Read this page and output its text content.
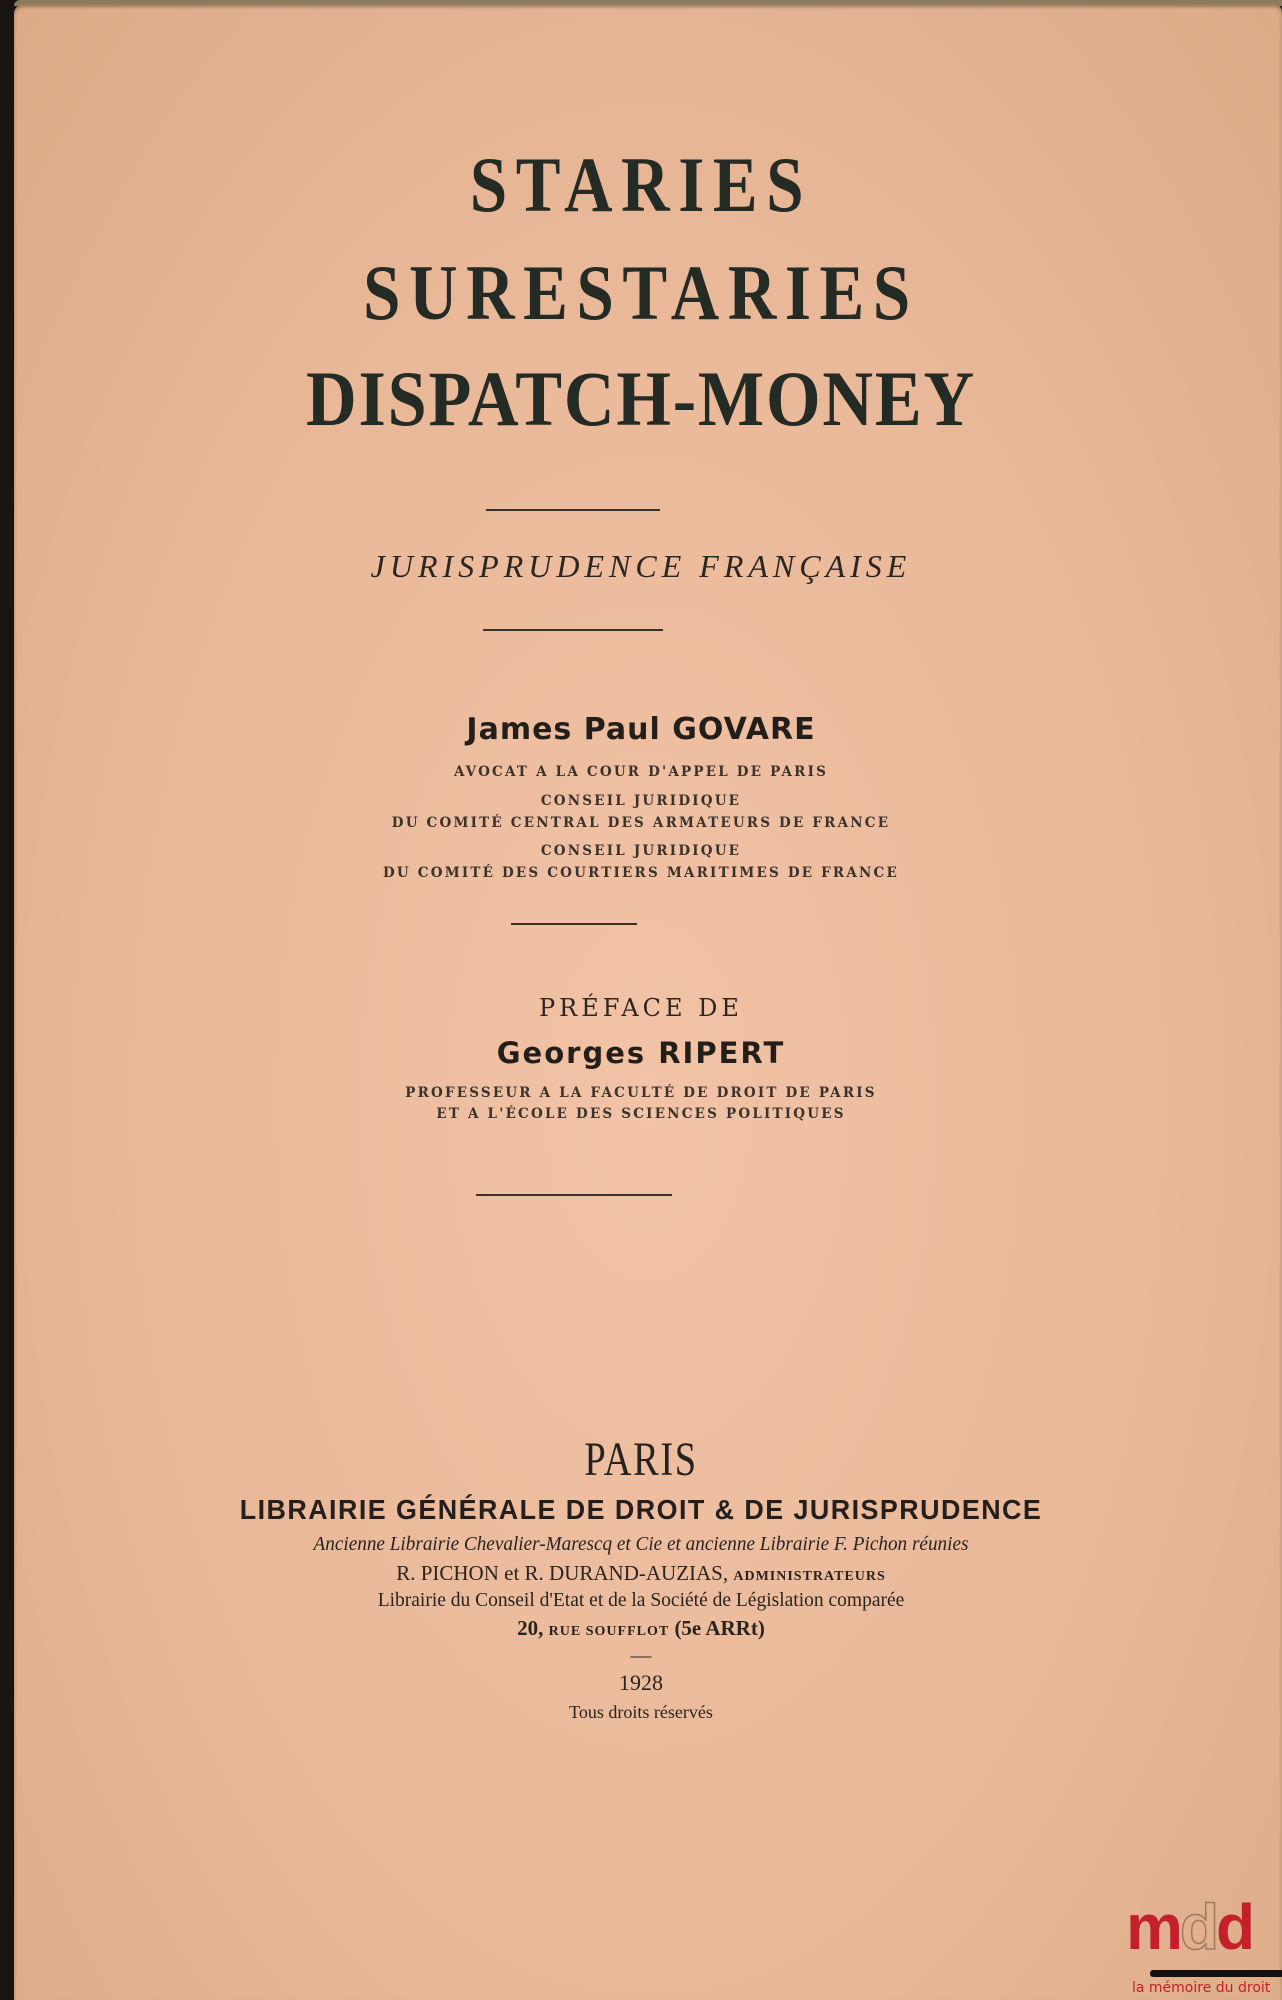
STARIES
SURESTARIES
DISPATCH-MONEY
JURISPRUDENCE FRANÇAISE
James Paul GOVARE
AVOCAT A LA COUR D'APPEL DE PARIS
CONSEIL JURIDIQUE
DU COMITÉ CENTRAL DES ARMATEURS DE FRANCE
CONSEIL JURIDIQUE
DU COMITÉ DES COURTIERS MARITIMES DE FRANCE
PRÉFACE DE
Georges RIPERT
PROFESSEUR A LA FACULTÉ DE DROIT DE PARIS
ET A L'ÉCOLE DES SCIENCES POLITIQUES
PARIS
LIBRAIRIE GÉNÉRALE DE DROIT & DE JURISPRUDENCE
Ancienne Librairie Chevalier-Marescq et Cie et ancienne Librairie F. Pichon réunies
R. PICHON et R. DURAND-AUZIAS, ADMINISTRATEURS
Librairie du Conseil d'Etat et de la Société de Législation comparée
20, RUE SOUFFLOT (5e ARRt)
—
1928
Tous droits réservés
mdd
la mémoire du droit
